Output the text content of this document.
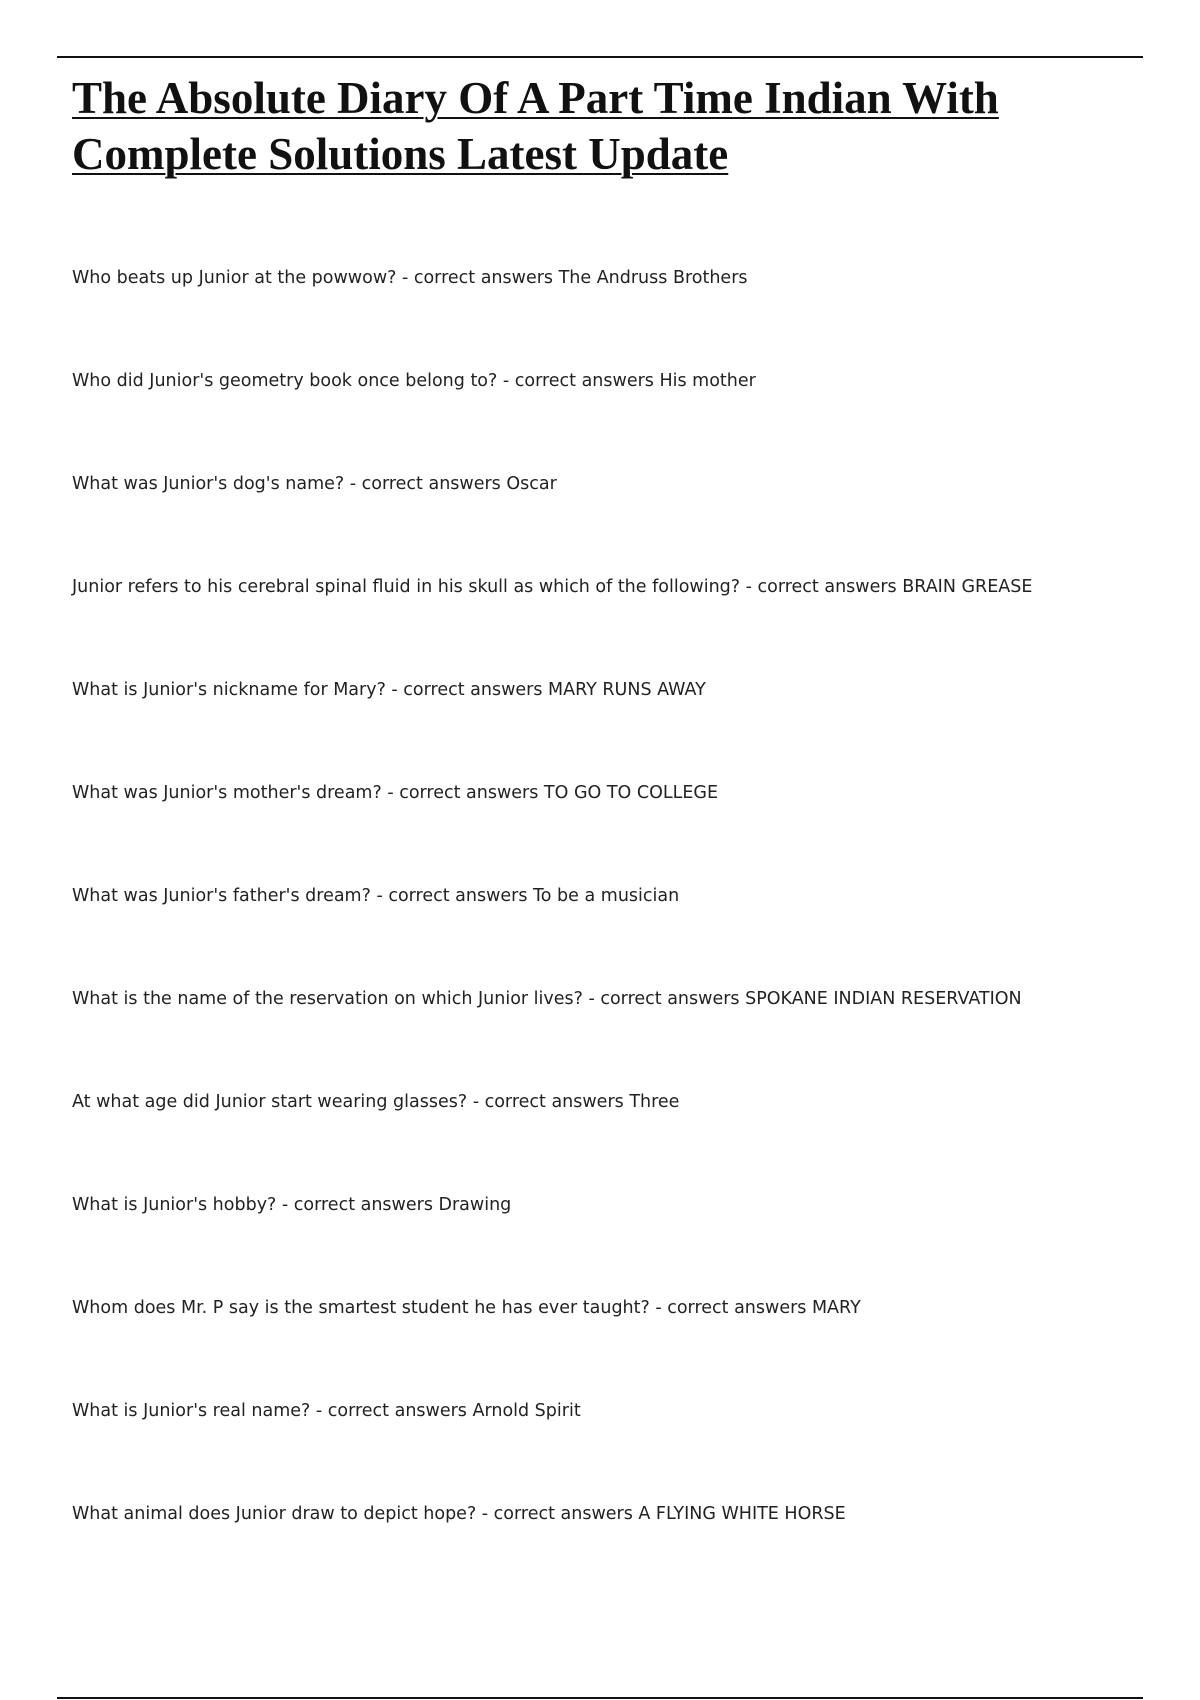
The Absolute Diary Of A Part Time Indian With Complete Solutions Latest Update
Who beats up Junior at the powwow? - correct answers The Andruss Brothers
Who did Junior's geometry book once belong to? - correct answers His mother
What was Junior's dog's name? - correct answers Oscar
Junior refers to his cerebral spinal fluid in his skull as which of the following? - correct answers BRAIN GREASE
What is Junior's nickname for Mary? - correct answers MARY RUNS AWAY
What was Junior's mother's dream? - correct answers TO GO TO COLLEGE
What was Junior's father's dream? - correct answers To be a musician
What is the name of the reservation on which Junior lives? - correct answers SPOKANE INDIAN RESERVATION
At what age did Junior start wearing glasses? - correct answers Three
What is Junior's hobby? - correct answers Drawing
Whom does Mr. P say is the smartest student he has ever taught? - correct answers MARY
What is Junior's real name? - correct answers Arnold Spirit
What animal does Junior draw to depict hope? - correct answers A FLYING WHITE HORSE
